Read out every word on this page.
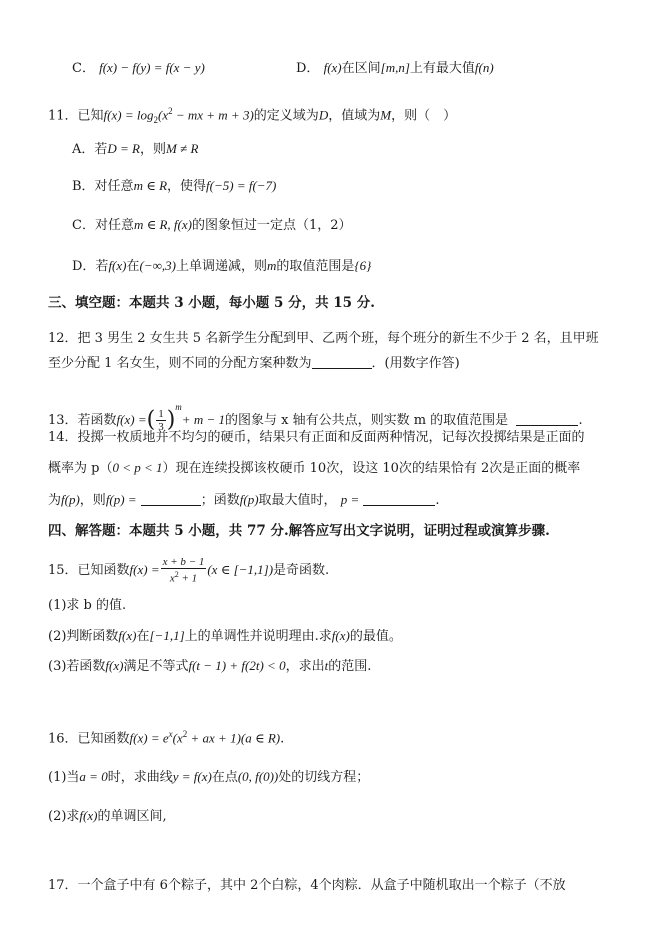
C． f(x) − f(y) = f(x − y)	D． f(x)在区间[m,n]上有最大值f(n)
11．已知$f(x) = \log_2(x^2$ − mx + m + 3)的定义域为D，值域为M，则（　）
A．若D = R，则M ≠ R
B．对任意m ∈ R，使得f(−5) = f(−7)
C．对任意m ∈ R, f(x)的图象恒过一定点（1，2）
D．若f(x)在(−∞,3)上单调递减，则m的取值范围是{6}
三、填空题：本题共 3 小题，每小题 5 分，共 15 分.
12．把 3 男生 2 女生共 5 名新学生分配到甲、乙两个班，每个班分的新生不少于 2 名，且甲班
至少分配 1 名女生，则不同的分配方案种数为	．(用数字作答)
13．若函数f(x) =( $\frac{1}{3} )^m+ m - 1$的图象与 x 轴有公共点，则实数 m 的取值范围是	.
14．投掷一枚质地并不均匀的硬币，结果只有正面和反面两种情况，记每次投掷结果是正面的
概率为 p（0 < p < 1）现在连续投掷该枚硬币 10次，设这 10次的结果恰有 2次是正面的概率
为f(p)，则f(p) =	；函数f(p)取最大值时， p =	.
四、解答题：本题共 5 小题，共 77 分.解答应写出文字说明，证明过程或演算步骤.
15．已知函数$f(x) = \frac{x + b - 1}{x^2 + 1} (x$ ∈ [−1,1])是奇函数.
(1)求 b 的值.
(2)判断函数f(x)在[−1,1]上的单调性并说明理由.求f(x)的最值。
(3)若函数f(x)满足不等式f(t − 1) + f(2t) < 0，求出t的范围.
16．已知函数$f(x) = e^x(x^2$ + ax + 1)(a ∈ R).
(1)当a = 0时，求曲线y = f(x)在点(0, f(0))处的切线方程；
(2)求f(x)的单调区间,
17．一个盒子中有 6个粽子，其中 2个白粽，4个肉粽．从盒子中随机取出一个粽子（不放
